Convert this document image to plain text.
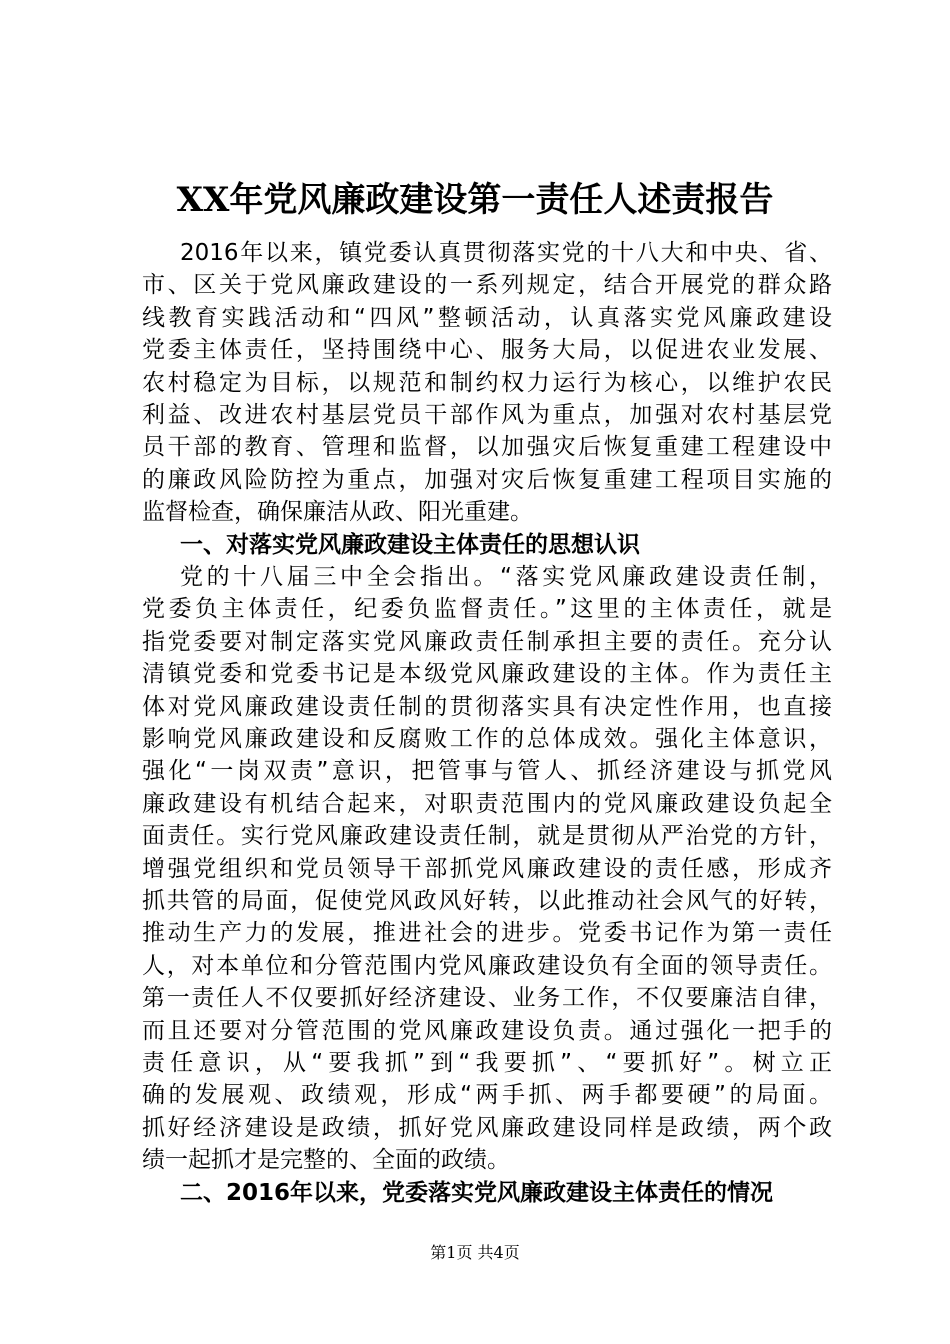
XX年党风廉政建设第一责任人述责报告
2016年以来，镇党委认真贯彻落实党的十八大和中央、省、
市、区关于党风廉政建设的一系列规定，结合开展党的群众路
线教育实践活动和“四风”整顿活动，认真落实党风廉政建设
党委主体责任，坚持围绕中心、服务大局，以促进农业发展、
农村稳定为目标，以规范和制约权力运行为核心，以维护农民
利益、改进农村基层党员干部作风为重点，加强对农村基层党
员干部的教育、管理和监督，以加强灾后恢复重建工程建设中
的廉政风险防控为重点，加强对灾后恢复重建工程项目实施的
监督检查，确保廉洁从政、阳光重建。
一、对落实党风廉政建设主体责任的思想认识
党的十八届三中全会指出。“落实党风廉政建设责任制，
党委负主体责任，纪委负监督责任。”这里的主体责任，就是
指党委要对制定落实党风廉政责任制承担主要的责任。充分认
清镇党委和党委书记是本级党风廉政建设的主体。作为责任主
体对党风廉政建设责任制的贯彻落实具有决定性作用，也直接
影响党风廉政建设和反腐败工作的总体成效。强化主体意识，
强化“一岗双责”意识，把管事与管人、抓经济建设与抓党风
廉政建设有机结合起来，对职责范围内的党风廉政建设负起全
面责任。实行党风廉政建设责任制，就是贯彻从严治党的方针，
增强党组织和党员领导干部抓党风廉政建设的责任感，形成齐
抓共管的局面，促使党风政风好转，以此推动社会风气的好转，
推动生产力的发展，推进社会的进步。党委书记作为第一责任
人，对本单位和分管范围内党风廉政建设负有全面的领导责任。
第一责任人不仅要抓好经济建设、业务工作，不仅要廉洁自律，
而且还要对分管范围的党风廉政建设负责。通过强化一把手的
责任意识，从“要我抓”到“我要抓”、“要抓好”。树立正
确的发展观、政绩观，形成“两手抓、两手都要硬”的局面。
抓好经济建设是政绩，抓好党风廉政建设同样是政绩，两个政
绩一起抓才是完整的、全面的政绩。
第1页 共4页
二、2016年以来，党委落实党风廉政建设主体责任的情况
